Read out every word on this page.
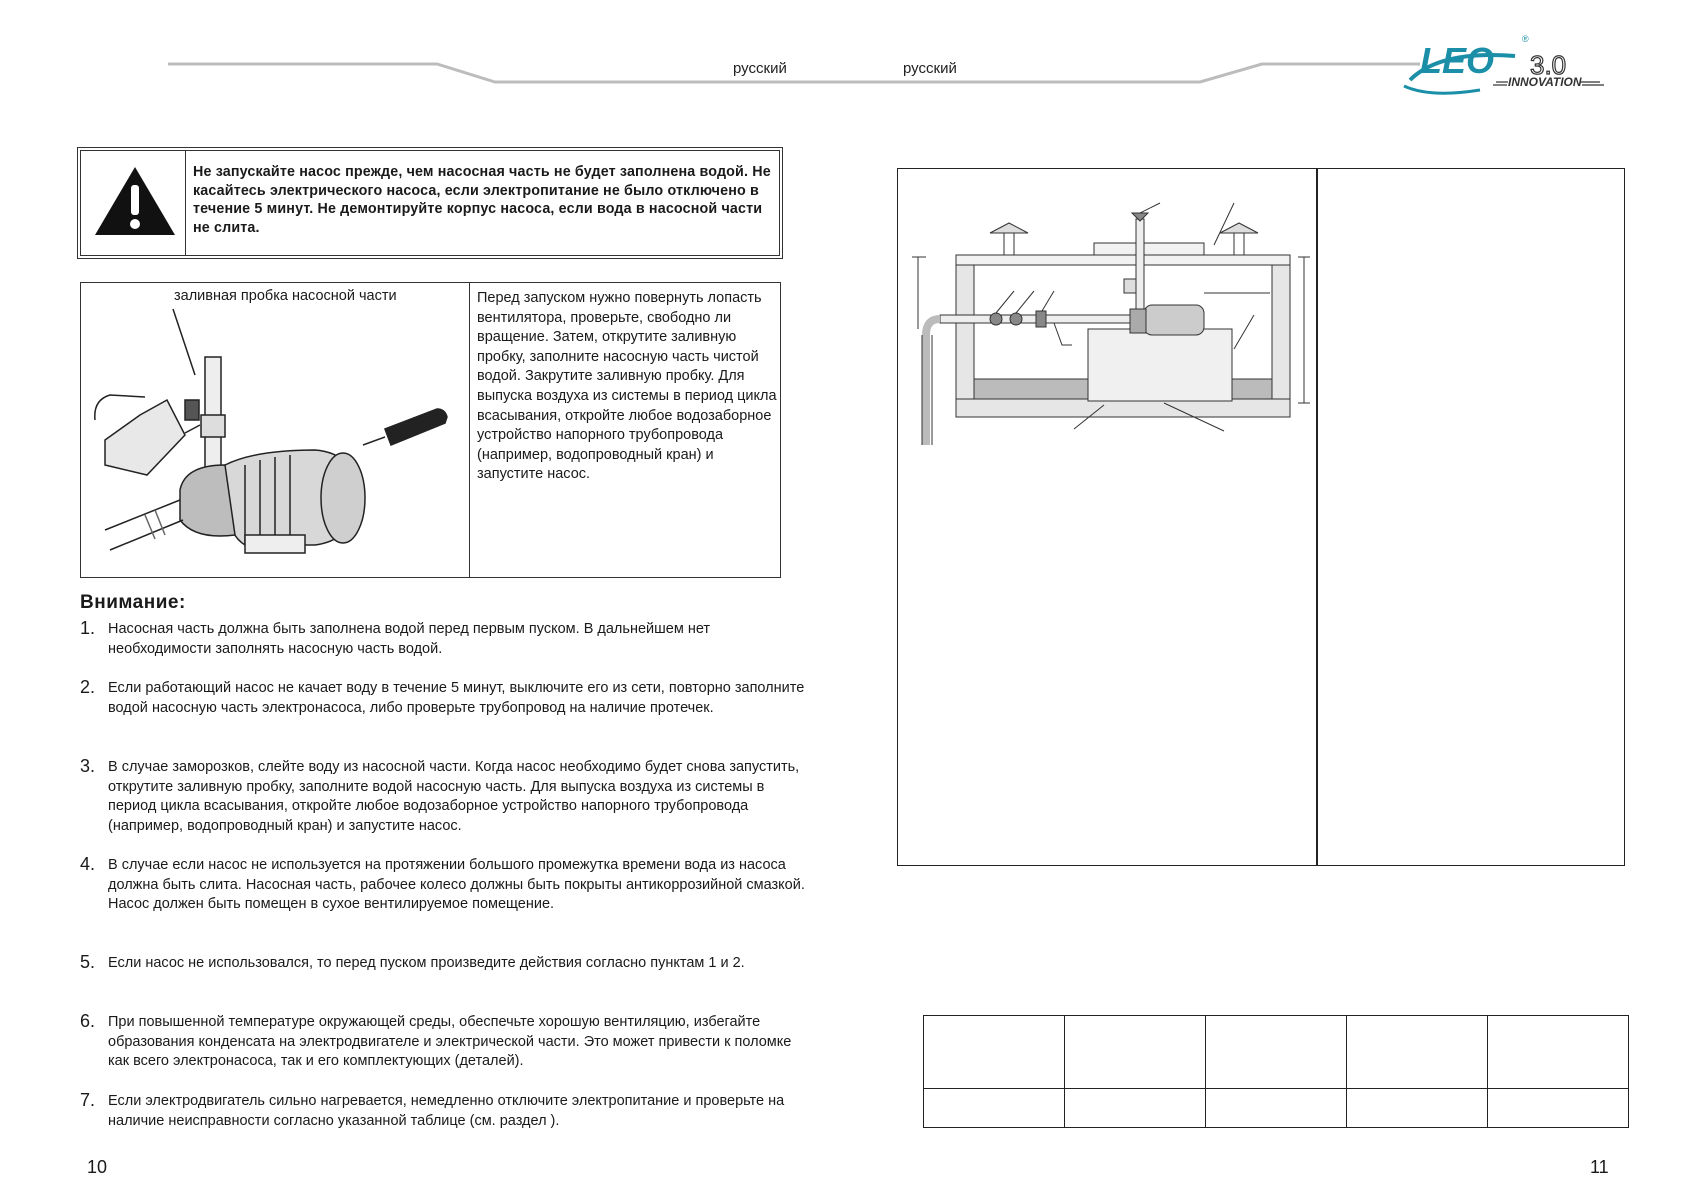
русский	русский	LEO
®
3.0
INNOVATION
Не запускайте насос прежде, чем насосная часть не будет заполнена водой. Не касайтесь электрического насоса, если электропитание не было отключено в течение 5 минут. Не демонтируйте корпус насоса, если вода в насосной части не слита.
заливная пробка насосной части	Перед запуском нужно повернуть лопасть вентилятора, проверьте, свободно ли вращение. Затем, открутите заливную пробку, заполните насосную часть чистой водой. Закрутите заливную пробку. Для выпуска воздуха из системы в период цикла всасывания, откройте любое водозаборное устройство напорного трубопровода (например, водопроводный кран) и запустите насос.
Внимание:
1. Насосная часть должна быть заполнена водой перед первым пуском. В дальнейшем нет необходимости заполнять насосную часть водой.
2. Если работающий насос не качает воду в течение 5 минут, выключите его из сети, повторно заполните водой насосную часть электронасоса, либо проверьте трубопровод на наличие протечек.
3. В случае заморозков, слейте воду из насосной части. Когда насос необходимо будет снова запустить, открутите заливную пробку, заполните водой насосную часть. Для выпуска воздуха из системы в период цикла всасывания, откройте любое водозаборное устройство напорного трубопровода (например, водопроводный кран) и запустите насос.
4. В случае если насос не используется на протяжении большого промежутка времени вода из насоса должна быть слита. Насосная часть, рабочее колесо должны быть покрыты антикоррозийной смазкой. Насос должен быть помещен в сухое вентилируемое помещение.
5. Если насос не использовался, то перед пуском произведите действия согласно пунктам 1 и 2.
6. При повышенной температуре окружающей среды, обеспечьте хорошую вентиляцию, избегайте образования конденсата на электродвигателе и электрической части. Это может привести к поломке как всего электронасоса, так и его комплектующих (деталей).
7. Если электродвигатель сильно нагревается, немедленно отключите электропитание и проверьте на наличие неисправности согласно указанной таблице (см. раздел ).
10	11
